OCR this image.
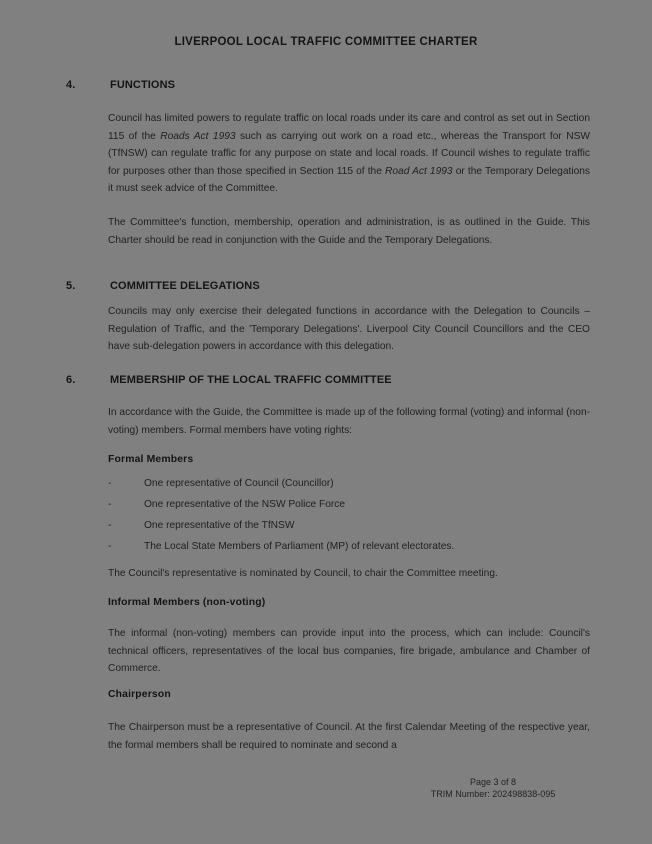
LIVERPOOL LOCAL TRAFFIC COMMITTEE CHARTER
4.	FUNCTIONS
Council has limited powers to regulate traffic on local roads under its care and control as set out in Section 115 of the Roads Act 1993 such as carrying out work on a road etc., whereas the Transport for NSW (TfNSW) can regulate traffic for any purpose on state and local roads. If Council wishes to regulate traffic for purposes other than those specified in Section 115 of the Road Act 1993 or the Temporary Delegations it must seek advice of the Committee.
The Committee's function, membership, operation and administration, is as outlined in the Guide. This Charter should be read in conjunction with the Guide and the Temporary Delegations.
5.	COMMITTEE DELEGATIONS
Councils may only exercise their delegated functions in accordance with the Delegation to Councils – Regulation of Traffic, and the 'Temporary Delegations'. Liverpool City Council Councillors and the CEO have sub-delegation powers in accordance with this delegation.
6.	MEMBERSHIP OF THE LOCAL TRAFFIC COMMITTEE
In accordance with the Guide, the Committee is made up of the following formal (voting) and informal (non-voting) members. Formal members have voting rights:
Formal Members
-	One representative of Council (Councillor)
-	One representative of the NSW Police Force
-	One representative of the TfNSW
-	The Local State Members of Parliament (MP) of relevant electorates.
The Council's representative is nominated by Council, to chair the Committee meeting.
Informal Members (non-voting)
The informal (non-voting) members can provide input into the process, which can include: Council's technical officers, representatives of the local bus companies, fire brigade, ambulance and Chamber of Commerce.
Chairperson
The Chairperson must be a representative of Council. At the first Calendar Meeting of the respective year, the formal members shall be required to nominate and second a
Page 3 of 8
TRIM Number: 202498838-095
